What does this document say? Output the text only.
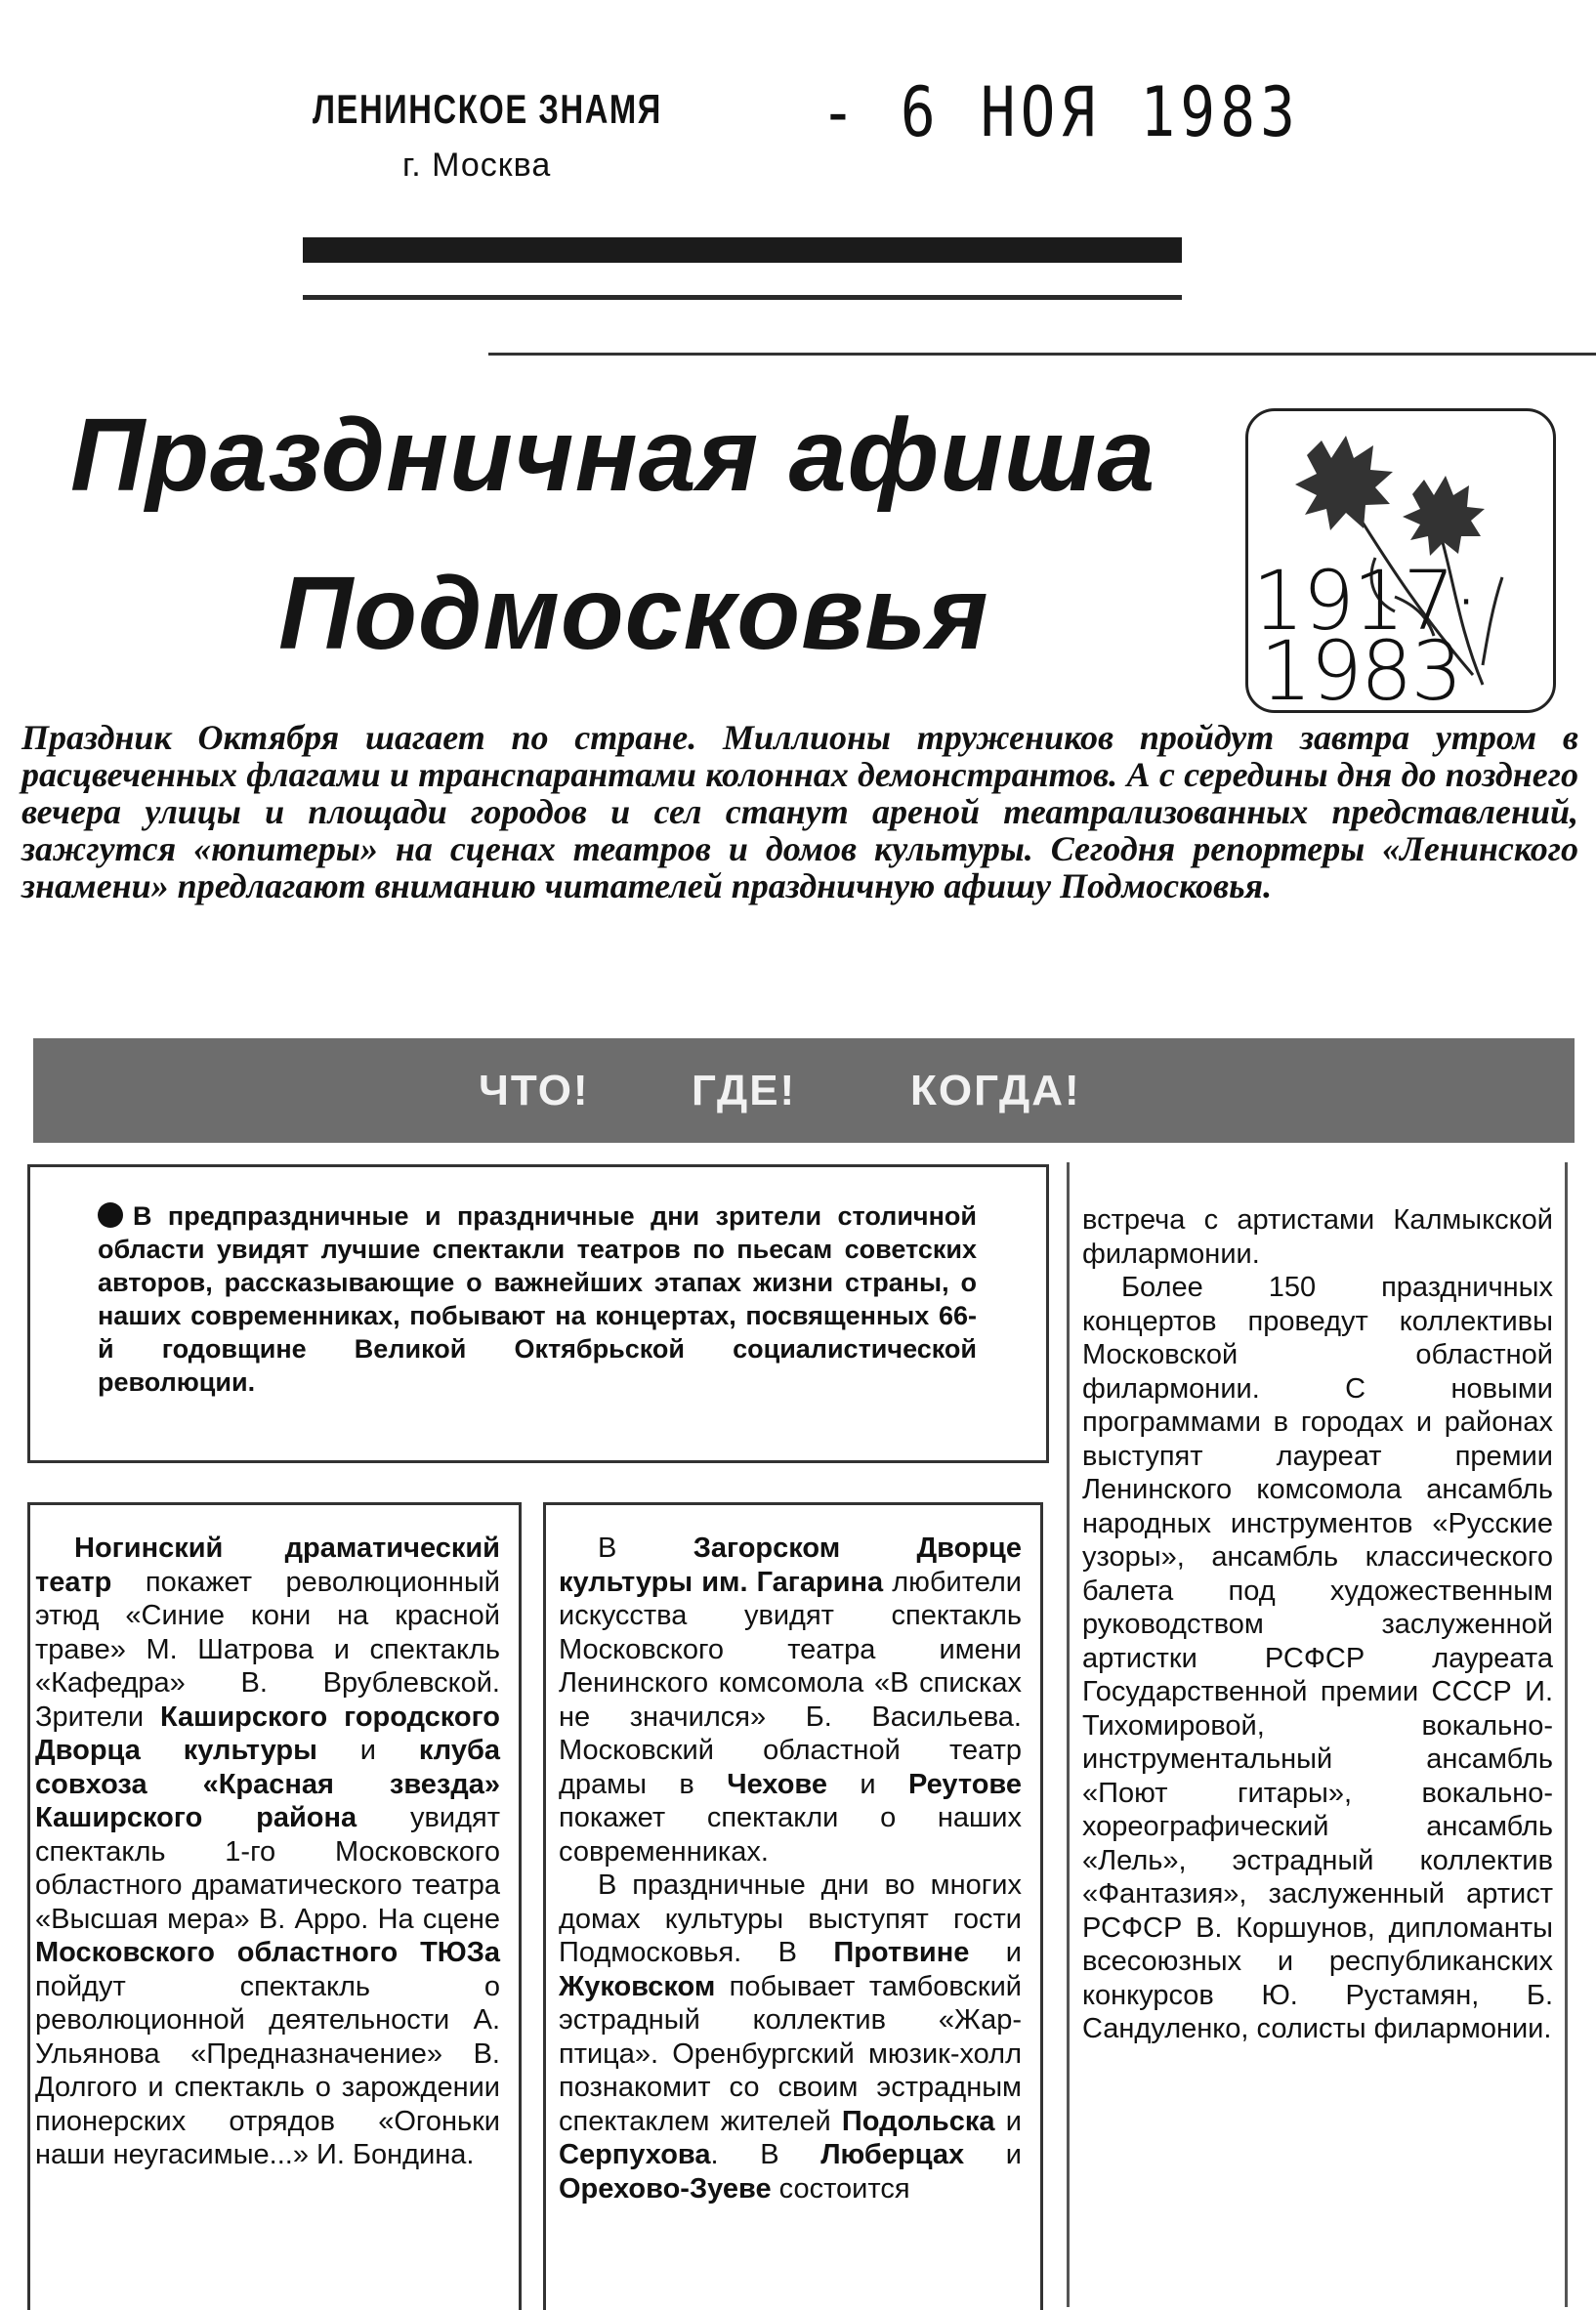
ЛЕНИНСКОЕ ЗНАМЯ
г. Москва
- 6 НОЯ 1983
Праздничная афиша
Подмосковья	1917·
1983
Праздник Октября шагает по стране. Миллионы тружеников пройдут завтра утром в расцвеченных флагами и транспарантами колоннах демонстрантов. А с середины дня до позднего вечера улицы и площади городов и сел станут ареной театрализованных представлений, зажгутся «юпитеры» на сценах театров и домов культуры. Сегодня репортеры «Ленинского знамени» предлагают вниманию читателей праздничную афишу Подмосковья.
ЧТО! ГДЕ!	КОГДА!
В предпраздничные и праздничные дни зрители столичной области увидят лучшие спектакли театров по пьесам советских авторов, рассказывающие о важнейших этапах жизни страны, о наших современниках, побывают на концертах, посвященных 66-й годовщине Великой Октябрьской социалистической революции.

Ногинский драматический театр покажет революционный этюд «Синие кони на красной траве» М. Шатрова и спектакль «Кафедра» В. Врублевской. Зрители Каширского городского Дворца культуры и клуба совхоза «Красная звезда» Каширского района увидят спектакль 1-го Московского областного драматического театра «Высшая мера» В. Арро. На сцене Московского областного ТЮЗа пойдут спектакль о революционной деятельности А. Ульянова «Предназначение» В. Долгого и спектакль о зарождении пионерских отрядов «Огоньки наши неугасимые...» И. Бондина.

В Загорском Дворце культуры им. Гагарина любители искусства увидят спектакль Московского театра имени Ленинского комсомола «В списках не значился» Б. Васильева. Московский областной театр драмы в Чехове и Реутове покажет спектакли о наших современниках.

В праздничные дни во многих домах культуры выступят гости Подмосковья. В Протвине и Жуковском побывает тамбовский эстрадный коллектив «Жар-птица». Оренбургский мюзик-холл познакомит со своим эстрадным спектаклем жителей Подольска и Серпухова. В Люберцах и Орехово-Зуеве состоится

встреча с артистами Калмыкской филармонии.

Более 150 праздничных концертов проведут коллективы Московской областной филармонии. С новыми программами в городах и районах выступят лауреат премии Ленинского комсомола ансамбль народных инструментов «Русские узоры», ансамбль классического балета под художественным руководством заслуженной артистки РСФСР лауреата Государственной премии СССР И. Тихомировой, вокально-инструментальный ансамбль «Поют гитары», вокально-хореографический ансамбль «Лель», эстрадный коллектив «Фантазия», заслуженный артист РСФСР В. Коршунов, дипломанты всесоюзных и республиканских конкурсов Ю. Рустамян, Б. Сандуленко, солисты филармонии.
